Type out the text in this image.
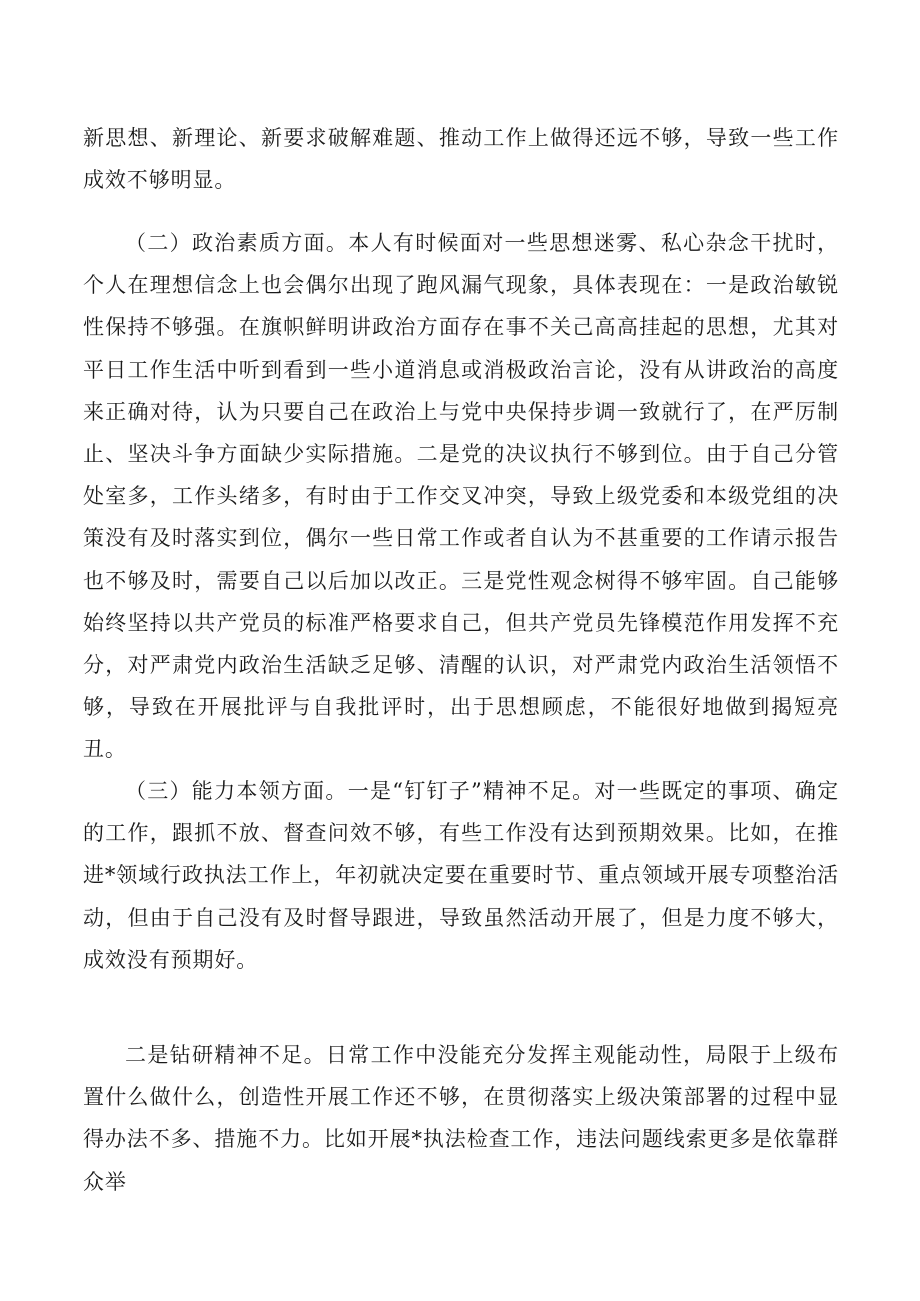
新思想、新理论、新要求破解难题、推动工作上做得还远不够，导致一些工作成效不够明显。

（二）政治素质方面。本人有时候面对一些思想迷雾、私心杂念干扰时，个人在理想信念上也会偶尔出现了跑风漏气现象，具体表现在：一是政治敏锐性保持不够强。在旗帜鲜明讲政治方面存在事不关己高高挂起的思想，尤其对平日工作生活中听到看到一些小道消息或消极政治言论，没有从讲政治的高度来正确对待，认为只要自己在政治上与党中央保持步调一致就行了，在严厉制止、坚决斗争方面缺少实际措施。二是党的决议执行不够到位。由于自己分管处室多，工作头绪多，有时由于工作交叉冲突，导致上级党委和本级党组的决策没有及时落实到位，偶尔一些日常工作或者自认为不甚重要的工作请示报告也不够及时，需要自己以后加以改正。三是党性观念树得不够牢固。自己能够始终坚持以共产党员的标准严格要求自己，但共产党员先锋模范作用发挥不充分，对严肃党内政治生活缺乏足够、清醒的认识，对严肃党内政治生活领悟不够，导致在开展批评与自我批评时，出于思想顾虑，不能很好地做到揭短亮丑。

（三）能力本领方面。一是“钉钉子”精神不足。对一些既定的事项、确定的工作，跟抓不放、督查问效不够，有些工作没有达到预期效果。比如，在推进*领域行政执法工作上，年初就决定要在重要时节、重点领域开展专项整治活动，但由于自己没有及时督导跟进，导致虽然活动开展了，但是力度不够大，成效没有预期好。

二是钻研精神不足。日常工作中没能充分发挥主观能动性，局限于上级布置什么做什么，创造性开展工作还不够，在贯彻落实上级决策部署的过程中显得办法不多、措施不力。比如开展*执法检查工作，违法问题线索更多是依靠群众举
